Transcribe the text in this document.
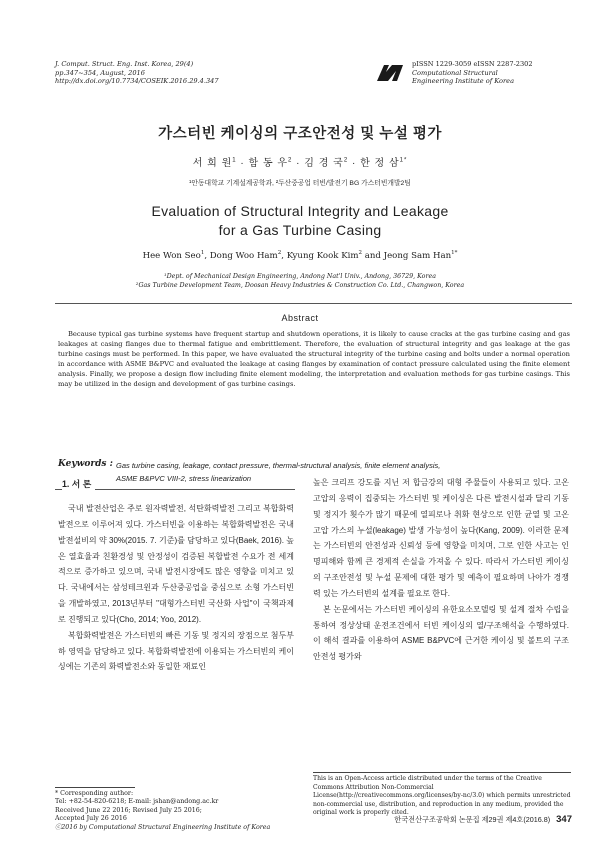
J. Comput. Struct. Eng. Inst. Korea, 29(4)
pp.347~354, August, 2016
http://dx.doi.org/10.7734/COSEIK.2016.29.4.347
pISSN 1229-3059 eISSN 2287-2302
Computational Structural
Engineering Institute of Korea
가스터빈 케이싱의 구조안전성 및 누설 평가
서 희 원$^1$ · 함 동 우$^2$ · 김 경 국$^2$ · 한 정 삼$^{1*}$
¹안동대학교 기계설계공학과, ²두산중공업 터빈/발전기 BG 가스터빈개발2팀
Evaluation of Structural Integrity and Leakage
for a Gas Turbine Casing
Hee Won Seo$^1$, Dong Woo Ham$^2$, Kyung Kook Kim$^2$ and Jeong Sam Han$^{1*}$
¹Dept. of Mechanical Design Engineering, Andong Nat'l Univ., Andong, 36729, Korea
²Gas Turbine Development Team, Doosan Heavy Industries & Construction Co. Ltd., Changwon, Korea
Abstract
Because typical gas turbine systems have frequent startup and shutdown operations, it is likely to cause cracks at the gas turbine casing and gas leakages at casing flanges due to thermal fatigue and embrittlement. Therefore, the evaluation of structural integrity and gas leakage at the gas turbine casings must be performed. In this paper, we have evaluated the structural integrity of the turbine casing and bolts under a normal operation in accordance with ASME B&PVC and evaluated the leakage at casing flanges by examination of contact pressure calculated using the finite element analysis. Finally, we propose a design flow including finite element modeling, the interpretation and evaluation methods for gas turbine casings. This may be utilized in the design and development of gas turbine casings.
Keywords : Gas turbine casing, leakage, contact pressure, thermal-structural analysis, finite element analysis,
ASME B&PVC VIII-2, stress linearization
1. 서 론

국내 발전산업은 주로 원자력발전, 석탄화력발전 그리고 복합화력발전으로 이루어져 있다. 가스터빈을 이용하는 복합화력발전은 국내 발전설비의 약 30%(2015. 7. 기준)를 담당하고 있다(Baek, 2016). 높은 열효율과 친환경성 및 안정성이 검증된 복합발전 수요가 전 세계적으로 증가하고 있으며, 국내 발전시장에도 많은 영향을 미치고 있다. 국내에서는 삼성테크윈과 두산중공업을 중심으로 소형 가스터빈을 개발하였고, 2013년부터 "대형가스터빈 국산화 사업"이 국책과제로 진행되고 있다(Cho, 2014; Yoo, 2012).

복합화력발전은 가스터빈의 빠른 기동 및 정지의 장점으로 첨두부하 영역을 담당하고 있다. 복합화력발전에 이용되는 가스터빈의 케이싱에는 기존의 화력발전소와 동일한 재료인

높은 크리프 강도를 지닌 저 합금강의 대형 주물들이 사용되고 있다. 고온고압의 응력이 집중되는 가스터빈 및 케이싱은 다른 발전시설과 달리 기동 및 정지가 횟수가 많기 때문에 열피로나 취화 현상으로 인한 균열 및 고온고압 가스의 누설(leakage) 발생 가능성이 높다(Kang, 2009). 이러한 문제는 가스터빈의 안전성과 신뢰성 등에 영향을 미치며, 그로 인한 사고는 인명피해와 함께 큰 경제적 손실을 가져올 수 있다. 따라서 가스터빈 케이싱의 구조안전성 및 누설 문제에 대한 평가 및 예측이 필요하며 나아가 경쟁력 있는 가스터빈의 설계를 필요로 한다.

본 논문에서는 가스터빈 케이싱의 유한요소모델링 및 설계 절차 수립을 통하여 정상상태 운전조건에서 터빈 케이싱의 열/구조해석을 수행하였다. 이 해석 결과를 이용하여 ASME B&PVC에 근거한 케이싱 및 볼트의 구조안전성 평가와

* Corresponding author:
Tel: +82-54-820-6218; E-mail: jshan@andong.ac.kr
Received June 22 2016; Revised July 25 2016;
Accepted July 26 2016
ⓒ2016 by Computational Structural Engineering Institute of Korea
This is an Open-Access article distributed under the terms of the Creative Commons Attribution Non-Commercial License(http://creativecommons.org/licenses/by-nc/3.0) which permits unrestricted non-commercial use, distribution, and reproduction in any medium, provided the original work is properly cited.
한국전산구조공학회 논문집 제29권 제4호(2016.8) 347
